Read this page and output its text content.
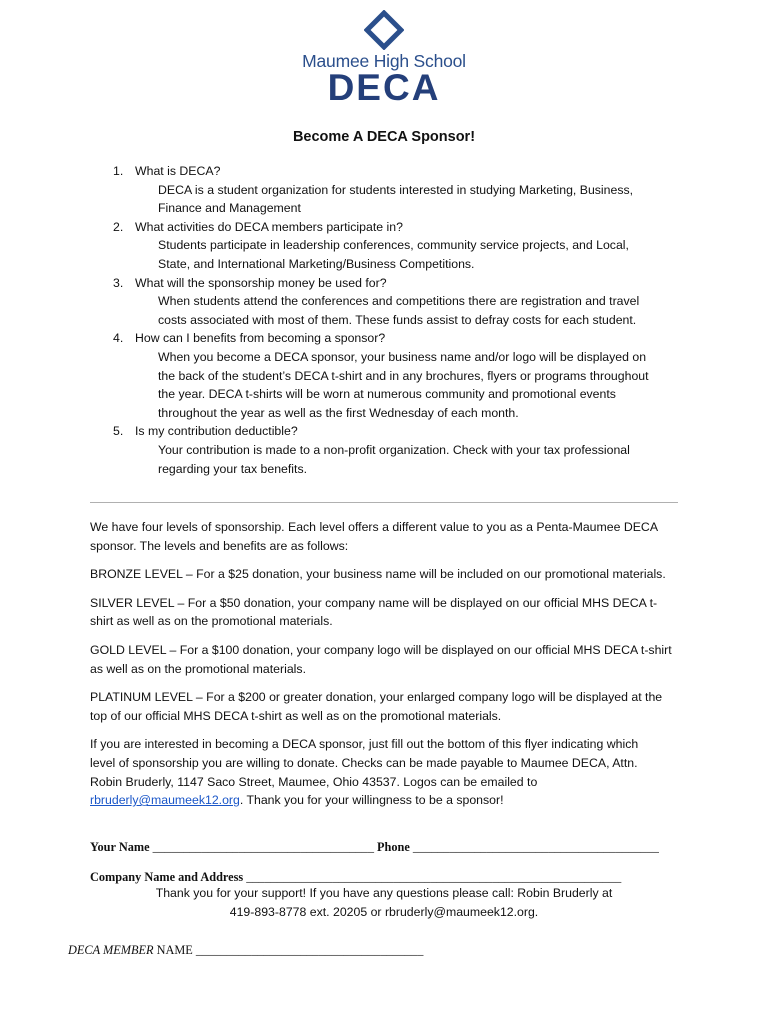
Maumee High School
DECA
Become A DECA Sponsor!
1. What is DECA?
DECA is a student organization for students interested in studying Marketing, Business,
Finance and Management
2. What activities do DECA members participate in?
Students participate in leadership conferences, community service projects, and Local,
State, and International Marketing/Business Competitions.
3. What will the sponsorship money be used for?
When students attend the conferences and competitions there are registration and travel
costs associated with most of them. These funds assist to defray costs for each student.
4. How can I benefits from becoming a sponsor?
When you become a DECA sponsor, your business name and/or logo will be displayed on
the back of the student’s DECA t-shirt and in any brochures, flyers or programs throughout
the year. DECA t-shirts will be worn at numerous community and promotional events
throughout the year as well as the first Wednesday of each month.
5. Is my contribution deductible?
Your contribution is made to a non-profit organization. Check with your tax professional
regarding your tax benefits.

We have four levels of sponsorship. Each level offers a different value to you as a Penta-Maumee DECA
sponsor. The levels and benefits are as follows:

BRONZE LEVEL – For a $25 donation, your business name will be included on our promotional materials.

SILVER LEVEL – For a $50 donation, your company name will be displayed on our official MHS DECA t-
shirt as well as on the promotional materials.

GOLD LEVEL – For a $100 donation, your company logo will be displayed on our official MHS DECA t-shirt
as well as on the promotional materials.

PLATINUM LEVEL – For a $200 or greater donation, your enlarged company logo will be displayed at the
top of our official MHS DECA t-shirt as well as on the promotional materials.

If you are interested in becoming a DECA sponsor, just fill out the bottom of this flyer indicating which
level of sponsorship you are willing to donate. Checks can be made payable to Maumee DECA, Attn.
Robin Bruderly, 1147 Saco Street, Maumee, Ohio 43537. Logos can be emailed to
rbruderly@maumeek12.org. Thank you for your willingness to be a sponsor!

Your Name ____________________________________ Phone ________________________________________
Company Name and Address _____________________________________________________________
Thank you for your support! If you have any questions please call: Robin Bruderly at
419-893-8778 ext. 20205 or rbruderly@maumeek12.org.
DECA MEMBER NAME _____________________________________
